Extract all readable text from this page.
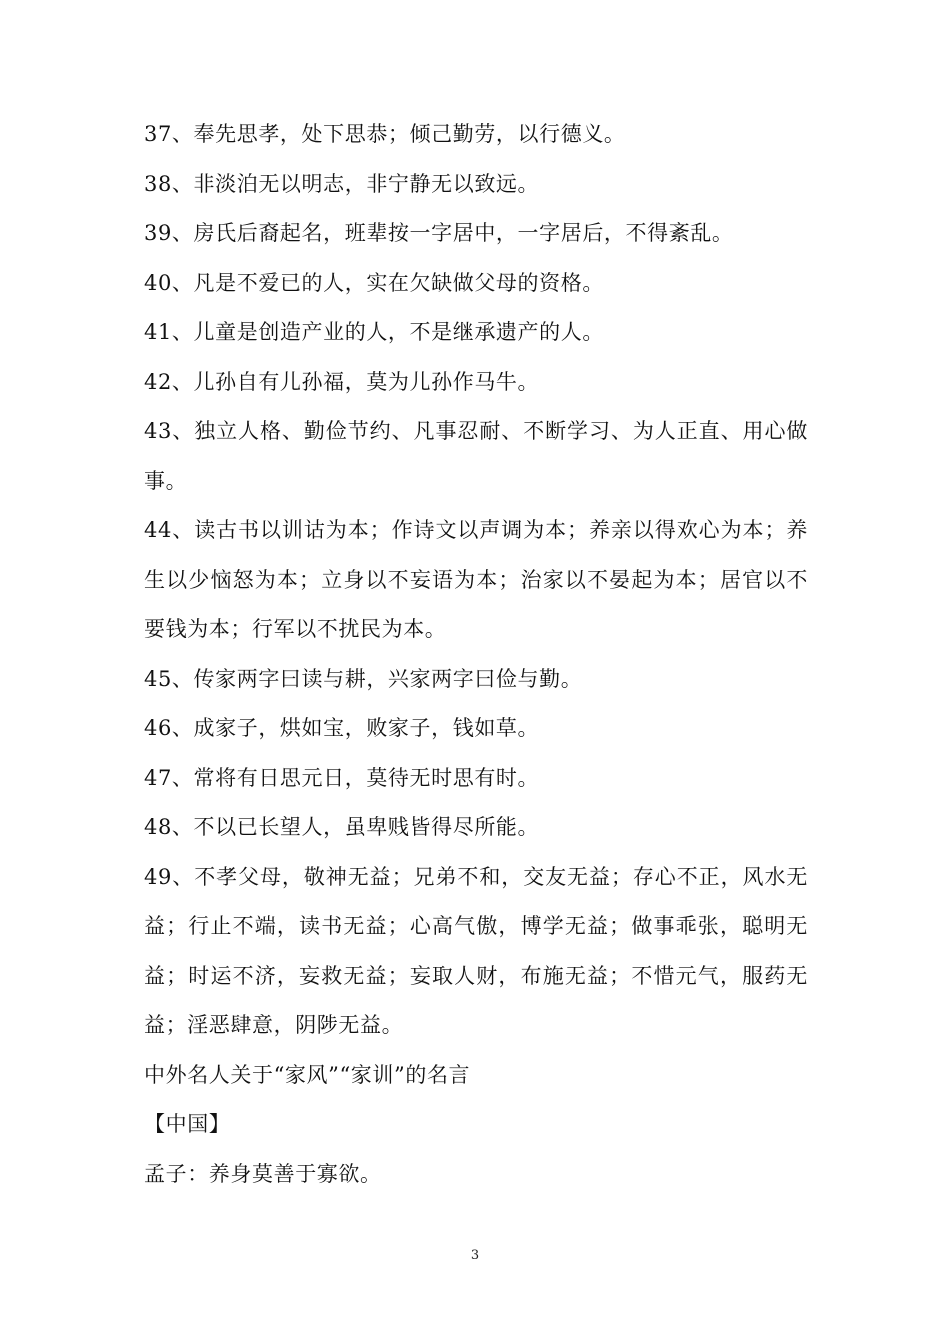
37、奉先思孝，处下思恭；倾己勤劳，以行德义。

38、非淡泊无以明志，非宁静无以致远。

39、房氏后裔起名，班辈按一字居中，一字居后，不得紊乱。

40、凡是不爱已的人，实在欠缺做父母的资格。

41、儿童是创造产业的人，不是继承遗产的人。

42、儿孙自有儿孙福，莫为儿孙作马牛。

43、独立人格、勤俭节约、凡事忍耐、不断学习、为人正直、用心做事。

44、读古书以训诂为本；作诗文以声调为本；养亲以得欢心为本；养生以少恼怒为本；立身以不妄语为本；治家以不晏起为本；居官以不要钱为本；行军以不扰民为本。

45、传家两字曰读与耕，兴家两字曰俭与勤。

46、成家子，烘如宝，败家子，钱如草。

47、常将有日思元日，莫待无时思有时。

48、不以已长望人，虽卑贱皆得尽所能。

49、不孝父母，敬神无益；兄弟不和，交友无益；存心不正，风水无益；行止不端，读书无益；心高气傲，博学无益；做事乖张，聪明无益；时运不济，妄救无益；妄取人财，布施无益；不惜元气，服药无益；淫恶肆意，阴陟无益。

中外名人关于“家风”“家训”的名言

【中国】

孟子：养身莫善于寡欲。

3
